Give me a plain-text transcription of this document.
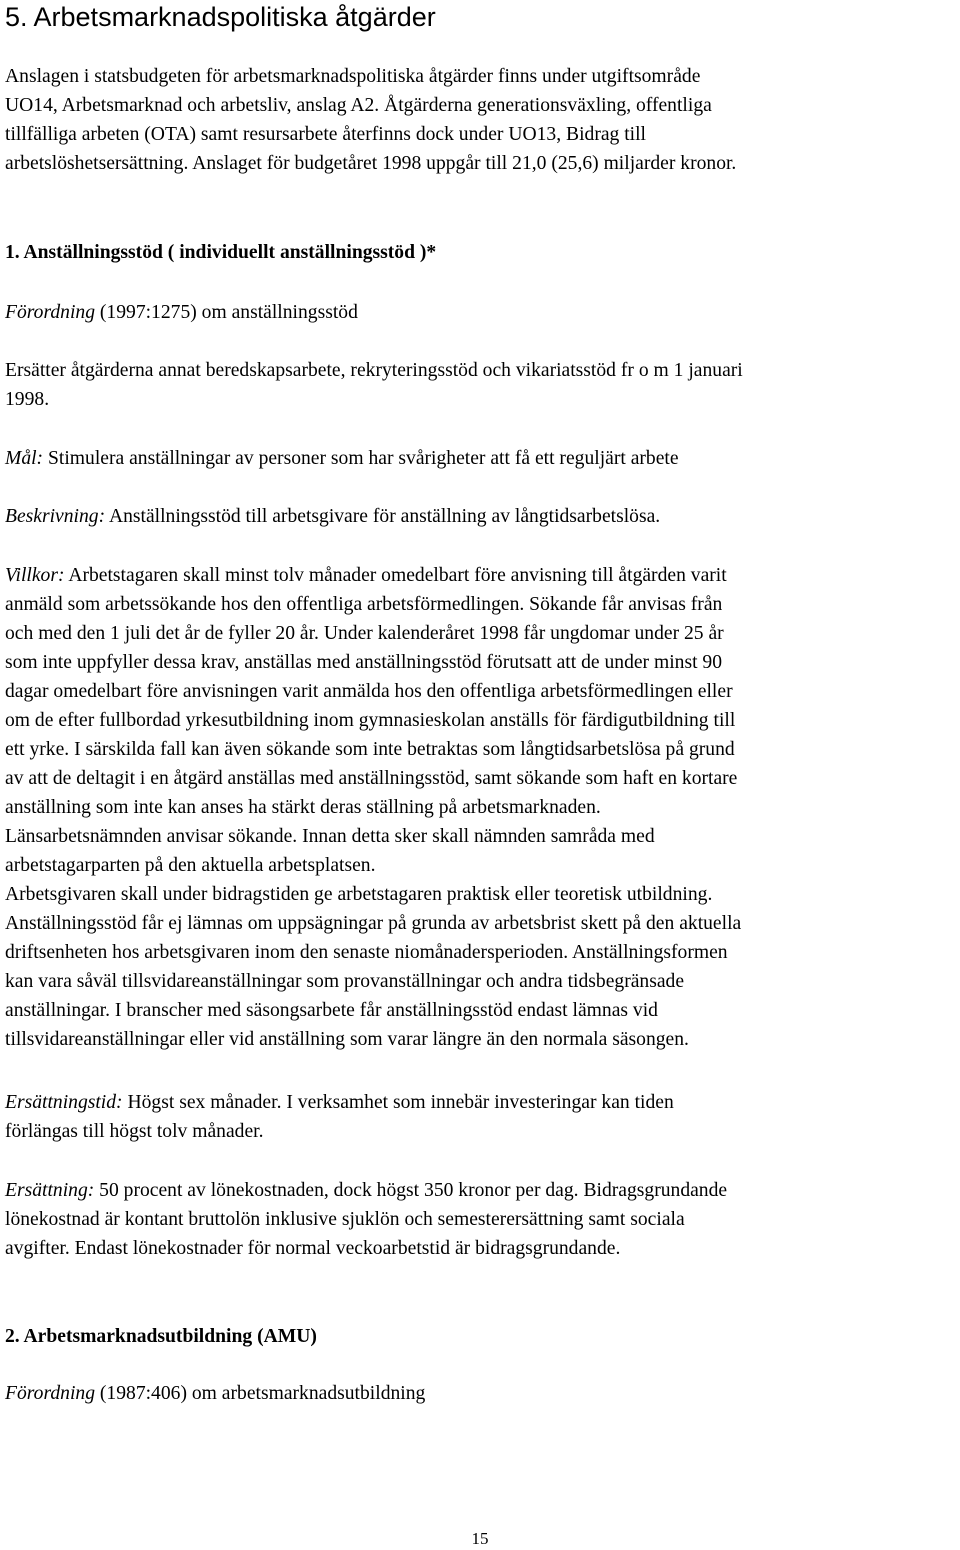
5. Arbetsmarknadspolitiska åtgärder
Anslagen i statsbudgeten för arbetsmarknadspolitiska åtgärder finns under utgiftsområde
UO14, Arbetsmarknad och arbetsliv, anslag A2. Åtgärderna generationsväxling, offentliga
tillfälliga arbeten (OTA) samt resursarbete återfinns dock under UO13, Bidrag till
arbetslöshetsersättning. Anslaget för budgetåret 1998 uppgår till 21,0 (25,6) miljarder kronor.
1. Anställningsstöd ( individuellt anställningsstöd )*
Förordning (1997:1275) om anställningsstöd
Ersätter åtgärderna annat beredskapsarbete, rekryteringsstöd och vikariatsstöd fr o m 1 januari
1998.
Mål: Stimulera anställningar av personer som har svårigheter att få ett reguljärt arbete
Beskrivning: Anställningsstöd till arbetsgivare för anställning av långtidsarbetslösa.
Villkor: Arbetstagaren skall minst tolv månader omedelbart före anvisning till åtgärden varit
anmäld som arbetssökande hos den offentliga arbetsförmedlingen. Sökande får anvisas från
och med den 1 juli det år de fyller 20 år. Under kalenderåret 1998 får ungdomar under 25 år
som inte uppfyller dessa krav, anställas med anställningsstöd förutsatt att de under minst 90
dagar omedelbart före anvisningen varit anmälda hos den offentliga arbetsförmedlingen eller
om de efter fullbordad yrkesutbildning inom gymnasieskolan anställs för färdigutbildning till
ett yrke. I särskilda fall kan även sökande som inte betraktas som långtidsarbetslösa på grund
av att de deltagit i en åtgärd anställas med anställningsstöd, samt sökande som haft en kortare
anställning som inte kan anses ha stärkt deras ställning på arbetsmarknaden.
Länsarbetsnämnden anvisar sökande. Innan detta sker skall nämnden samråda med
arbetstagarparten på den aktuella arbetsplatsen.
Arbetsgivaren skall under bidragstiden ge arbetstagaren praktisk eller teoretisk utbildning.
Anställningsstöd får ej lämnas om uppsägningar på grunda av arbetsbrist skett på den aktuella
driftsenheten hos arbetsgivaren inom den senaste niomånadersperioden. Anställningsformen
kan vara såväl tillsvidareanställningar som provanställningar och andra tidsbegränsade
anställningar. I branscher med säsongsarbete får anställningsstöd endast lämnas vid
tillsvidareanställningar eller vid anställning som varar längre än den normala säsongen.
Ersättningstid: Högst sex månader. I verksamhet som innebär investeringar kan tiden
förlängas till högst tolv månader.
Ersättning: 50 procent av lönekostnaden, dock högst 350 kronor per dag. Bidragsgrundande
lönekostnad är kontant bruttolön inklusive sjuklön och semesterersättning samt sociala
avgifter. Endast lönekostnader för normal veckoarbetstid är bidragsgrundande.
2. Arbetsmarknadsutbildning (AMU)
Förordning (1987:406) om arbetsmarknadsutbildning
15
